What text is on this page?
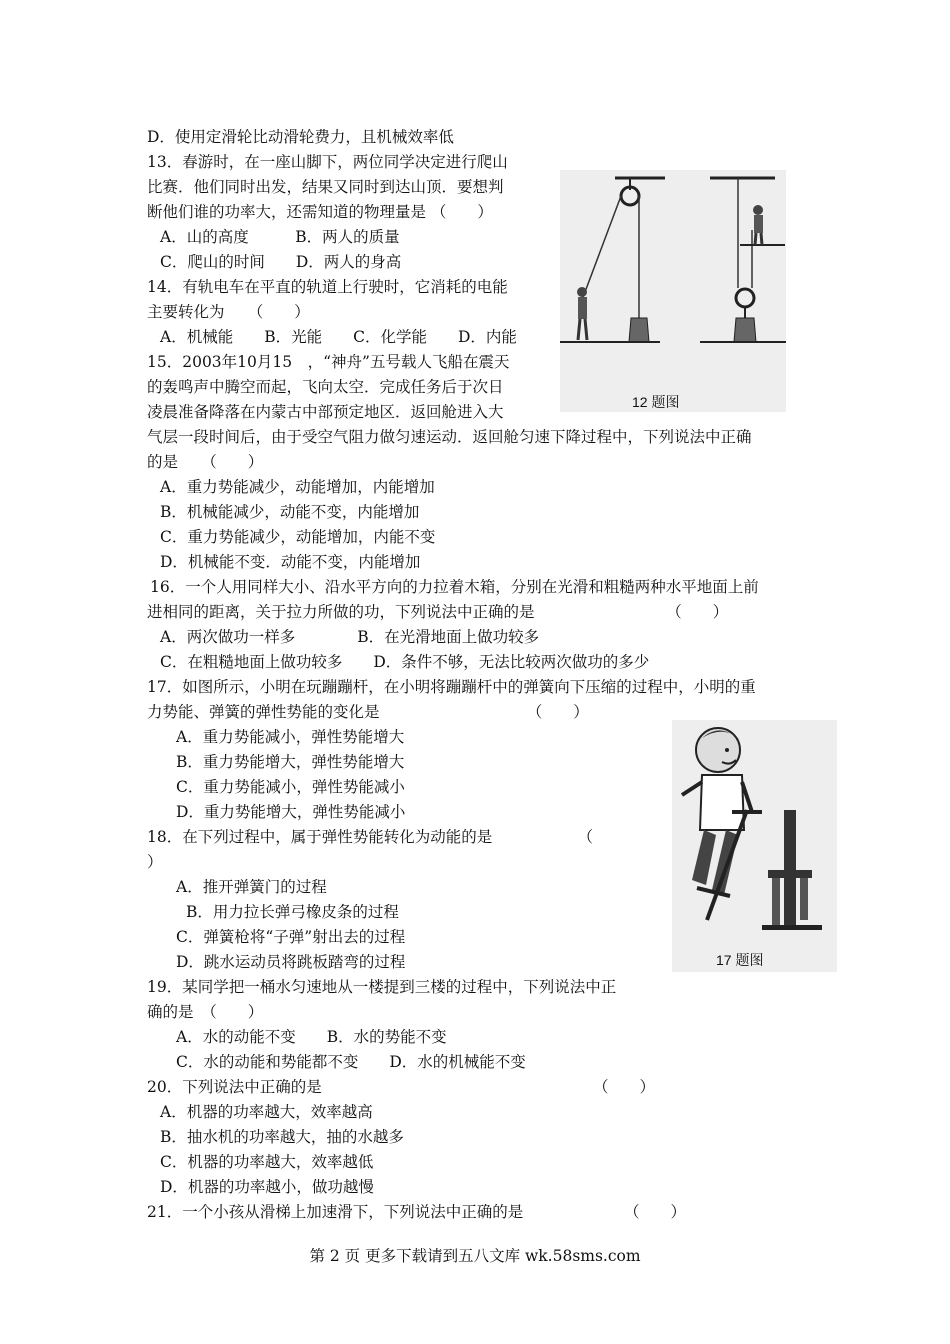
D．使用定滑轮比动滑轮费力，且机械效率低
13．春游时，在一座山脚下，两位同学决定进行爬山
比赛．他们同时出发，结果又同时到达山顶．要想判
断他们谁的功率大，还需知道的物理量是 （　　）
A．山的高度　　　B．两人的质量
C．爬山的时间　　D．两人的身高
14．有轨电车在平直的轨道上行驶时，它消耗的电能
主要转化为　　（　　）
A．机械能　　B．光能　　C．化学能　　D．内能
15．2003年10月15　，“神舟”五号载人飞船在震天
的轰鸣声中腾空而起，飞向太空．完成任务后于次日
凌晨准备降落在内蒙古中部预定地区．返回舱进入大
气层一段时间后，由于受空气阻力做匀速运动．返回舱匀速下降过程中，下列说法中正确
的是　　（　　）
A．重力势能减少，动能增加，内能增加
B．机械能减少，动能不变，内能增加
C．重力势能减少，动能增加，内能不变
D．机械能不变．动能不变，内能增加
16．一个人用同样大小、沿水平方向的力拉着木箱，分别在光滑和粗糙两种水平地面上前
进相同的距离，关于拉力所做的功，下列说法中正确的是　　　　　　　　　（　　）
A．两次做功一样多　　　　B．在光滑地面上做功较多
C．在粗糙地面上做功较多　　D．条件不够，无法比较两次做功的多少
17．如图所示，小明在玩蹦蹦杆，在小明将蹦蹦杆中的弹簧向下压缩的过程中，小明的重
力势能、弹簧的弹性势能的变化是　　　　　　　　　　（　　）
A．重力势能减小，弹性势能增大
B．重力势能增大，弹性势能增大
C．重力势能减小，弹性势能减小
D．重力势能增大，弹性势能减小
18．在下列过程中，属于弹性势能转化为动能的是　　　　　　（
）
A．推开弹簧门的过程
B．用力拉长弹弓橡皮条的过程
C．弹簧枪将“子弹”射出去的过程
D．跳水运动员将跳板踏弯的过程
19．某同学把一桶水匀速地从一楼提到三楼的过程中，下列说法中正
确的是　（　　）
A．水的动能不变　　B．水的势能不变
C．水的动能和势能都不变　　D．水的机械能不变
20．下列说法中正确的是　　　　　　　　　　　　　　　　　　（　　）
A．机器的功率越大，效率越高
B．抽水机的功率越大，抽的水越多
C．机器的功率越大，效率越低
D．机器的功率越小，做功越慢
21．一个小孩从滑梯上加速滑下，下列说法中正确的是　　　　　　　（　　）
12 题图
17 题图
第 2 页 更多下载请到五八文库 wk.58sms.com
